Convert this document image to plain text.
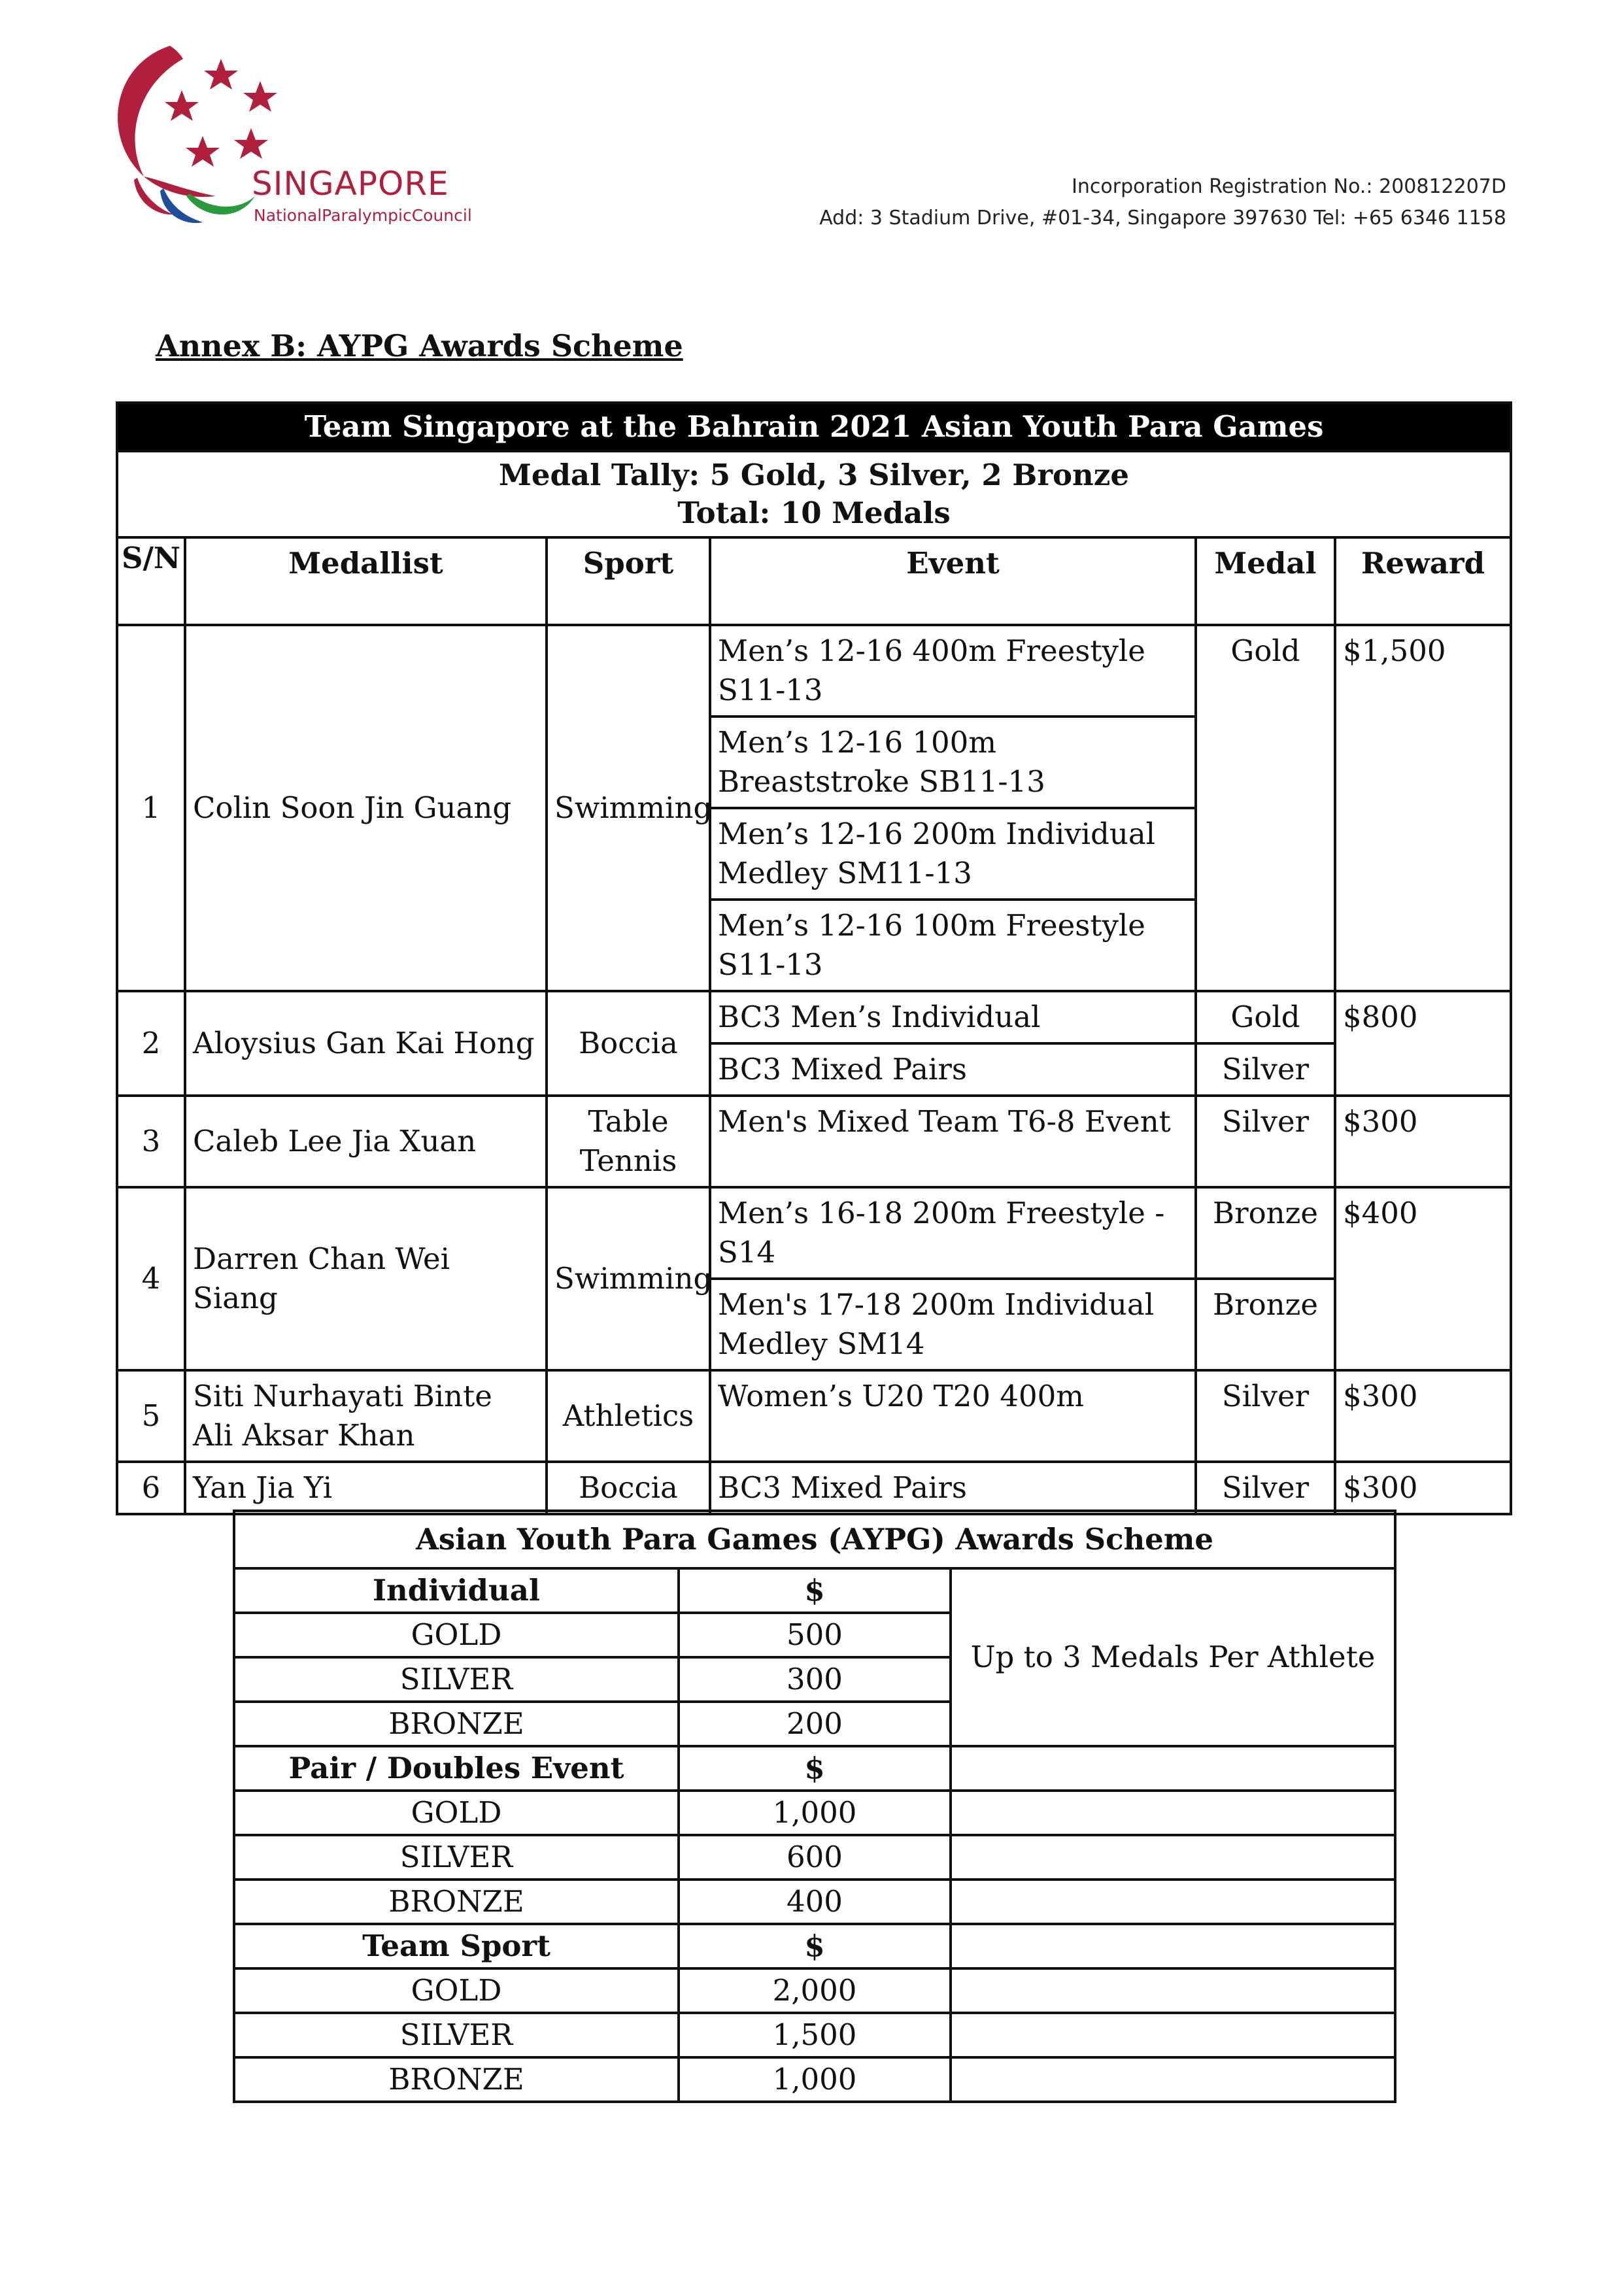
SINGAPORE
NationalParalympicCouncil
Incorporation Registration No.: 200812207D
Add: 3 Stadium Drive, #01-34, Singapore 397630 Tel: +65 6346 1158
Annex B: AYPG Awards Scheme
Team Singapore at the Bahrain 2021 Asian Youth Para Games					

Medal Tally: 5 Gold, 3 Silver, 2 Bronze
Total: 10 Medals					

S/N	Medallist	Sport	Event	Medal	Reward
1	Colin Soon Jin Guang	Swimming	Men’s 12-16 400m Freestyle S11-13	Gold	$1,500
			Men’s 12-16 100m Breaststroke SB11-13		
			Men’s 12-16 200m Individual Medley SM11-13		
			Men’s 12-16 100m Freestyle S11-13		
2	Aloysius Gan Kai Hong	Boccia	BC3 Men’s Individual	Gold	$800
			BC3 Mixed Pairs	Silver	
3	Caleb Lee Jia Xuan	Table Tennis	Men's Mixed Team T6-8 Event	Silver	$300
4	Darren Chan Wei Siang	Swimming	Men’s 16-18 200m Freestyle - S14	Bronze	$400
			Men's 17-18 200m Individual Medley SM14	Bronze	
5	Siti Nurhayati Binte Ali Aksar Khan	Athletics	Women’s U20 T20 400m	Silver	$300
6	Yan Jia Yi	Boccia	BC3 Mixed Pairs	Silver	$300
Asian Youth Para Games (AYPG) Awards Scheme		
Individual	$	Up to 3 Medals Per Athlete
GOLD	500	
SILVER	300	
BRONZE	200	
Pair / Doubles Event	$	
GOLD	1,000	
SILVER	600	
BRONZE	400	
Team Sport	$	
GOLD	2,000	
SILVER	1,500	
BRONZE	1,000	
